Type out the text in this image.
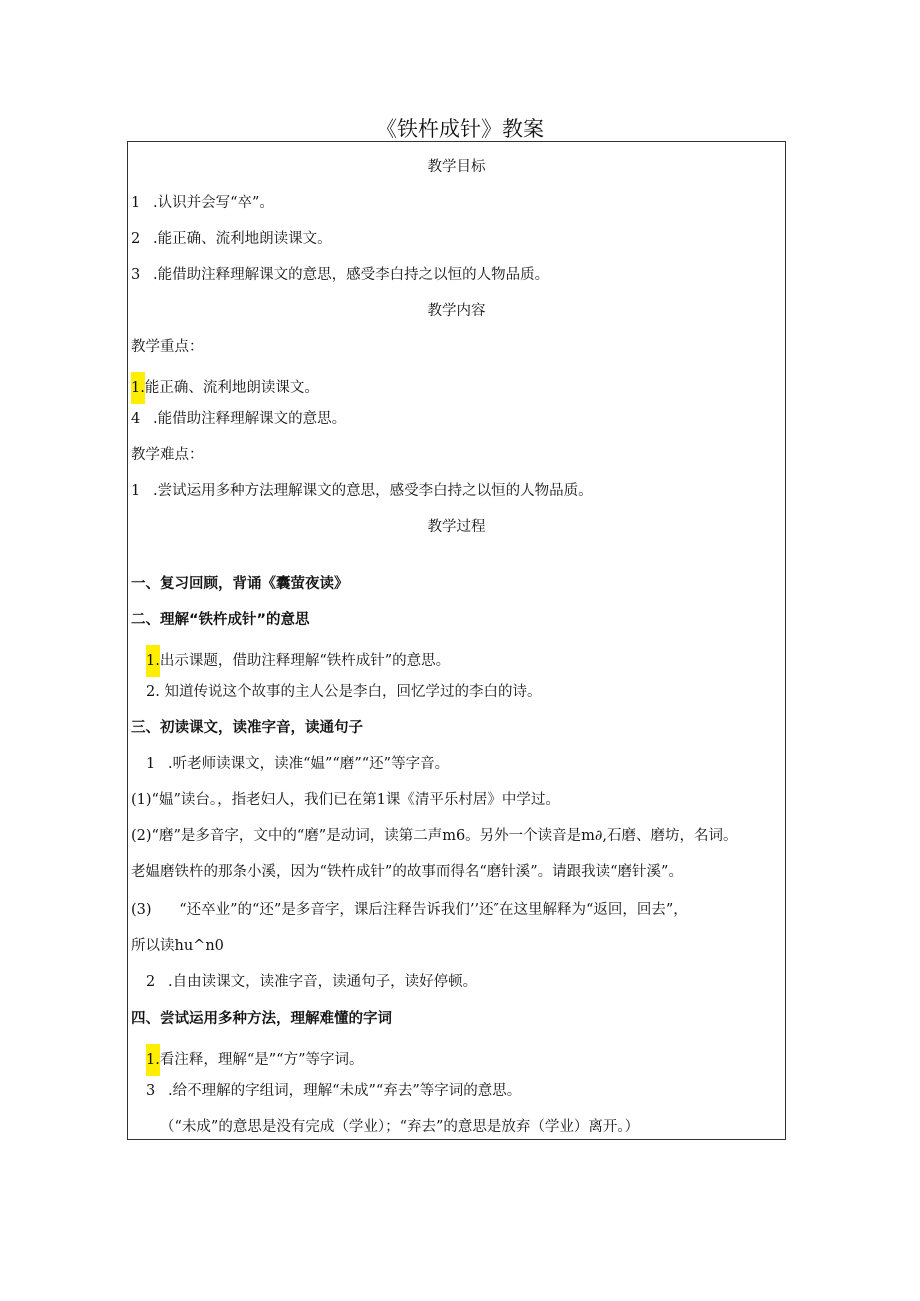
《铁杵成针》教案
教学目标
1 .认识并会写“卒”。
2 .能正确、流利地朗读课文。
3 .能借助注释理解课文的意思，感受李白持之以恒的人物品质。
教学内容
教学重点：
1.能正确、流利地朗读课文。
4 .能借助注释理解课文的意思。
教学难点：
1 .尝试运用多种方法理解课文的意思，感受李白持之以恒的人物品质。
教学过程
一、复习回顾，背诵《囊萤夜读》
二、理解“铁杵成针”的意思
1.出示课题，借助注释理解“铁杵成针”的意思。
2. 知道传说这个故事的主人公是李白，回忆学过的李白的诗。
三、初读课文，读准字音，读通句子
1 .听老师读课文，读准“媪”“磨”“还”等字音。
(1)“媪”读台。，指老妇人，我们已在第1课《清平乐村居》中学过。
(2)“磨”是多音字，文中的“磨”是动词，读第二声m6。另外一个读音是m∂,石磨、磨坊，名词。
老媪磨铁杵的那条小溪，因为“铁杵成针”的故事而得名“磨针溪”。请跟我读“磨针溪”。
(3)      “还卒业”的“还”是多音字，课后注释告诉我们’’还″在这里解释为“返回，回去”，
所以读hu^n0
2 .自由读课文，读准字音，读通句子，读好停顿。
四、尝试运用多种方法，理解难懂的字词
1.看注释，理解“是”“方”等字词。
3 .给不理解的字组词，理解“未成”“弃去”等字词的意思。
（“未成”的意思是没有完成（学业）；“弃去”的意思是放弃（学业）离开。）
